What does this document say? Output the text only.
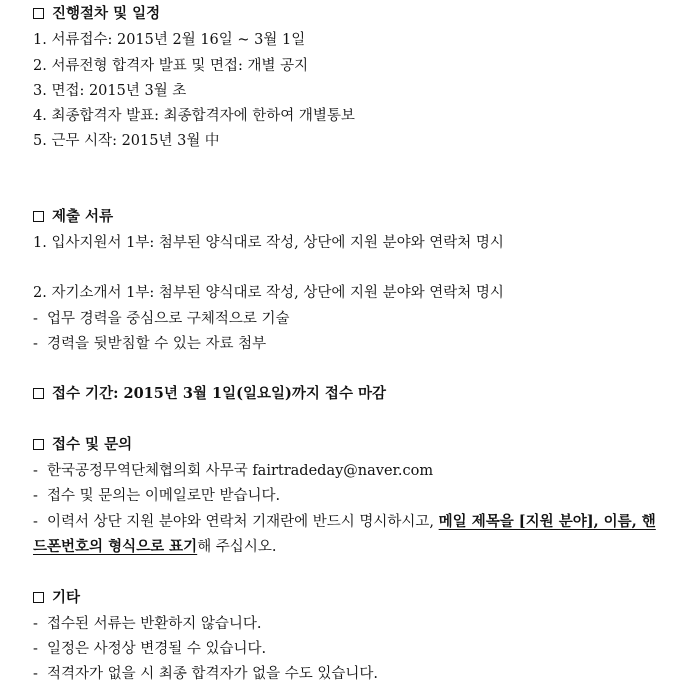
진행절차 및 일정
1. 서류접수: 2015년 2월 16일 ~ 3월 1일
2. 서류전형 합격자 발표 및 면접: 개별 공지
3. 면접: 2015년 3월 초
4. 최종합격자 발표: 최종합격자에 한하여 개별통보
5. 근무 시작: 2015년 3월 中
제출 서류
1. 입사지원서 1부: 첨부된 양식대로 작성, 상단에 지원 분야와 연락처 명시
2. 자기소개서 1부: 첨부된 양식대로 작성, 상단에 지원 분야와 연락처 명시
- 업무 경력을 중심으로 구체적으로 기술
- 경력을 뒷받침할 수 있는 자료 첨부
접수 기간: 2015년 3월 1일(일요일)까지 접수 마감
접수 및 문의
- 한국공정무역단체협의회 사무국 fairtradeday@naver.com
- 접수 및 문의는 이메일로만 받습니다.
- 이력서 상단 지원 분야와 연락처 기재란에 반드시 명시하시고, 메일 제목을 [지원 분야], 이름, 핸
드폰번호의 형식으로 표기해 주십시오.
기타
- 접수된 서류는 반환하지 않습니다.
- 일정은 사정상 변경될 수 있습니다.
- 적격자가 없을 시 최종 합격자가 없을 수도 있습니다.
